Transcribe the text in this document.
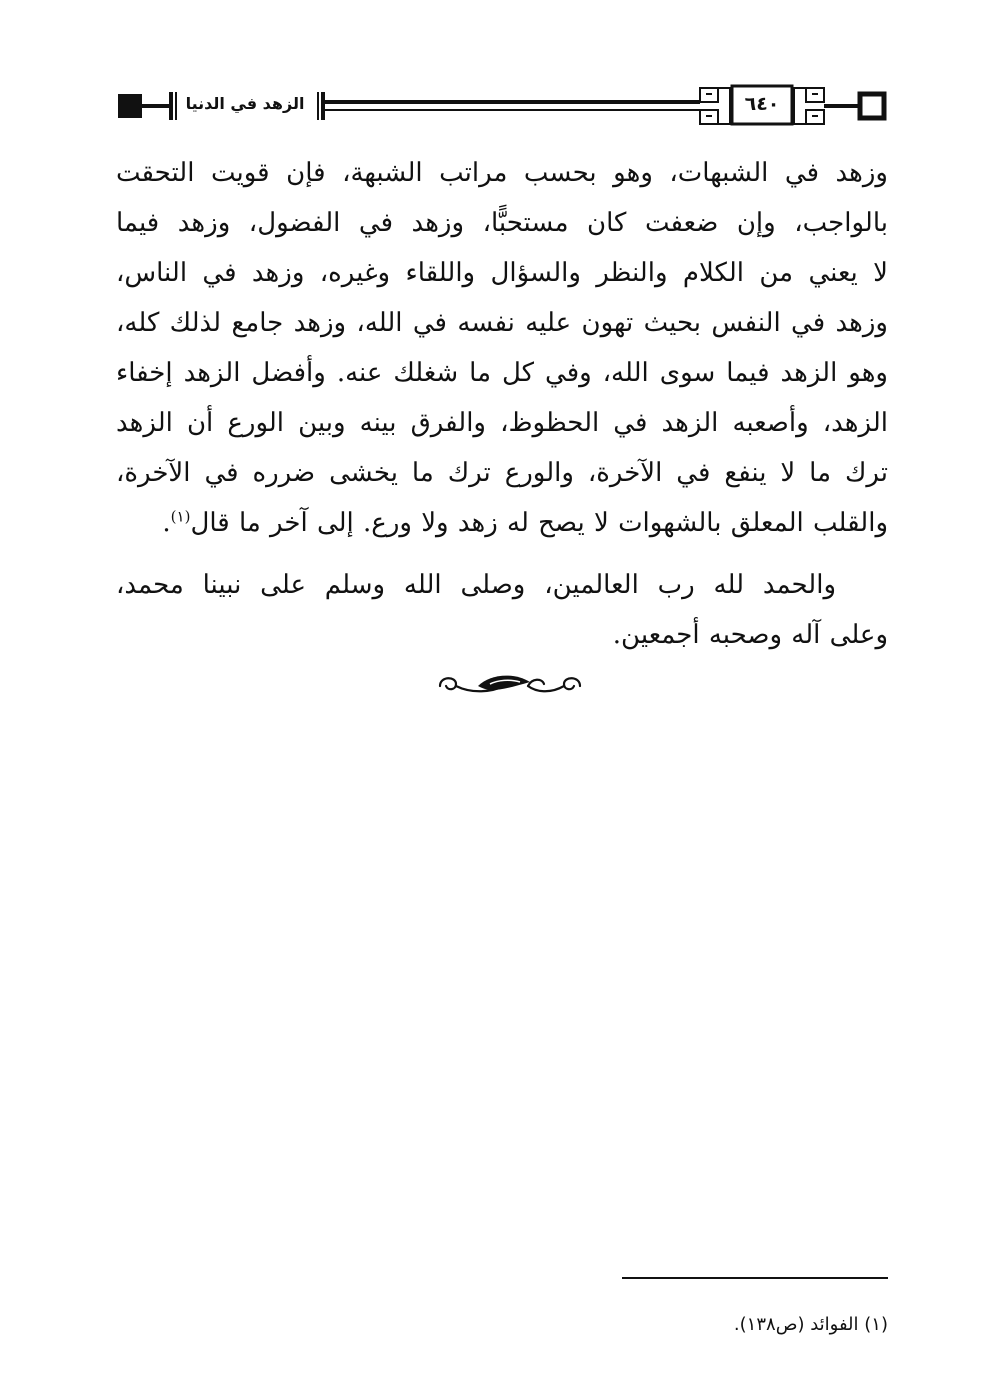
٦٤٠
الزهد في الدنيا
وزهد في الشبهات، وهو بحسب مراتب الشبهة، فإن قويت التحقت
بالواجب، وإن ضعفت كان مستحبًّا، وزهد في الفضول، وزهد فيما
لا يعني من الكلام والنظر والسؤال واللقاء وغيره، وزهد في الناس،
وزهد في النفس بحيث تهون عليه نفسه في الله، وزهد جامع لذلك كله،
وهو الزهد فيما سوى الله، وفي كل ما شغلك عنه. وأفضل الزهد إخفاء
الزهد، وأصعبه الزهد في الحظوظ، والفرق بينه وبين الورع أن الزهد
ترك ما لا ينفع في الآخرة، والورع ترك ما يخشى ضرره في الآخرة،
والقلب المعلق بالشهوات لا يصح له زهد ولا ورع. إلى آخر ما قال$^{(١)}$.
والحمد لله رب العالمين، وصلى الله وسلم على نبينا محمد،
وعلى آله وصحبه أجمعين.
(١) الفوائد (ص١٣٨).
